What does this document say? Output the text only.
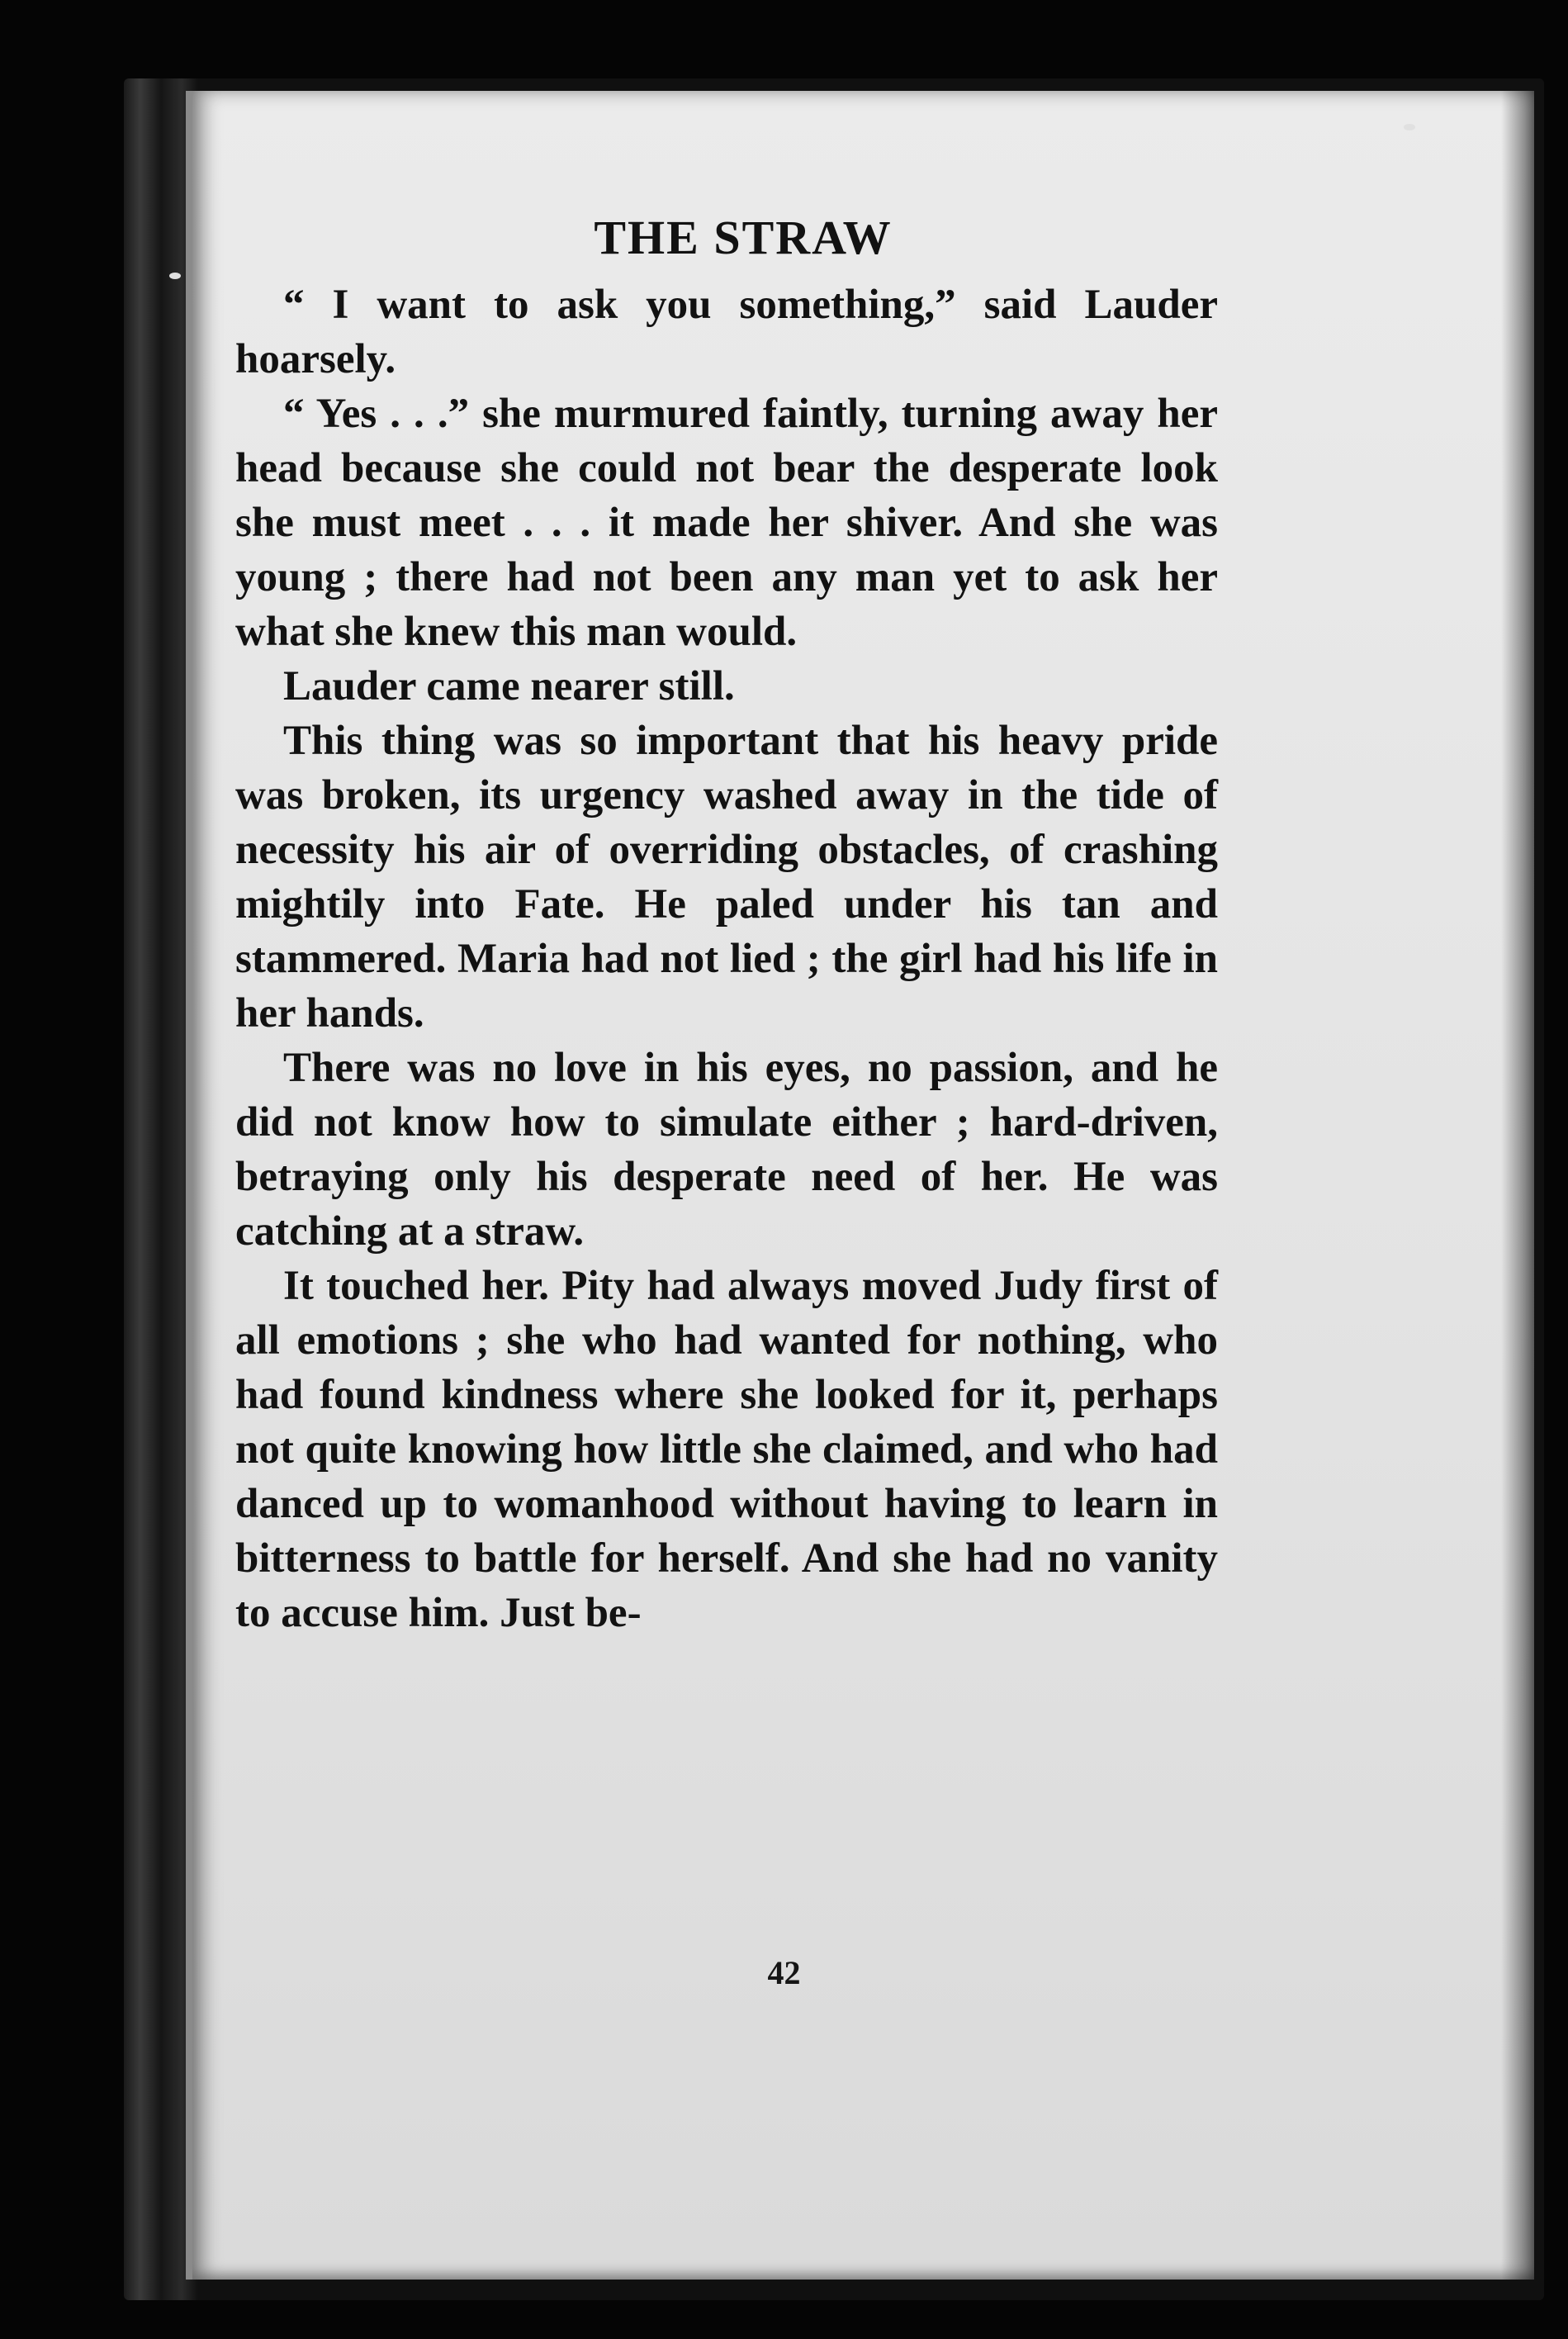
THE STRAW

“ I want to ask you something,” said Lauder hoarsely.

“ Yes . . .” she murmured faintly, turning away her head because she could not bear the desperate look she must meet . . . it made her shiver. And she was young ; there had not been any man yet to ask her what she knew this man would.

Lauder came nearer still.

This thing was so important that his heavy pride was broken, its urgency washed away in the tide of necessity his air of overriding obstacles, of crashing mightily into Fate. He paled under his tan and stammered. Maria had not lied ; the girl had his life in her hands.

There was no love in his eyes, no passion, and he did not know how to simulate either ; hard-driven, betraying only his desperate need of her. He was catching at a straw.

It touched her. Pity had always moved Judy first of all emotions ; she who had wanted for nothing, who had found kindness where she looked for it, perhaps not quite knowing how little she claimed, and who had danced up to womanhood without having to learn in bitterness to battle for herself. And she had no vanity to accuse him. Just be-

42
